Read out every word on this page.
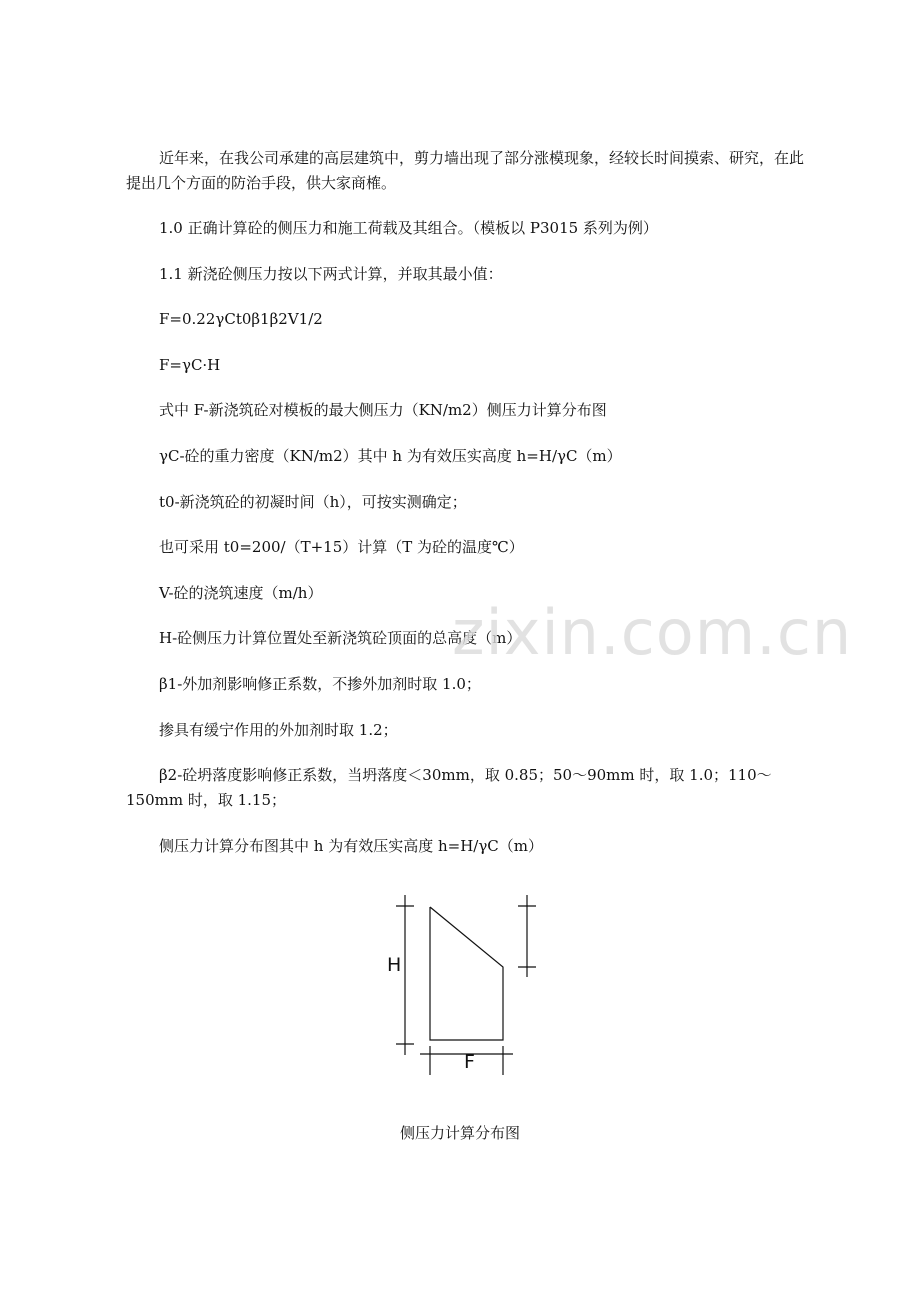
近年来，在我公司承建的高层建筑中，剪力墙出现了部分涨模现象，经较长时间摸索、研究，在此提出几个方面的防治手段，供大家商榷。

1.0 正确计算砼的侧压力和施工荷载及其组合。（模板以 P3015 系列为例）

1.1 新浇砼侧压力按以下两式计算，并取其最小值：

F=0.22γCt0β1β2V1/2

F=γC·H

式中 F-新浇筑砼对模板的最大侧压力（KN/m2）侧压力计算分布图

γC-砼的重力密度（KN/m2）其中 h 为有效压实高度 h=H/γC（m）

t0-新浇筑砼的初凝时间（h），可按实测确定；

也可采用 t0=200/（T+15）计算（T 为砼的温度℃）

V-砼的浇筑速度（m/h）

H-砼侧压力计算位置处至新浇筑砼顶面的总高度（m）

β1-外加剂影响修正系数，不掺外加剂时取 1.0；

掺具有缓宁作用的外加剂时取 1.2；

β2-砼坍落度影响修正系数，当坍落度＜30mm，取 0.85；50～90mm 时，取 1.0；110～150mm 时，取 1.15；

侧压力计算分布图其中 h 为有效压实高度 h=H/γC（m）

zixin.com.cn
H
F
侧压力计算分布图
